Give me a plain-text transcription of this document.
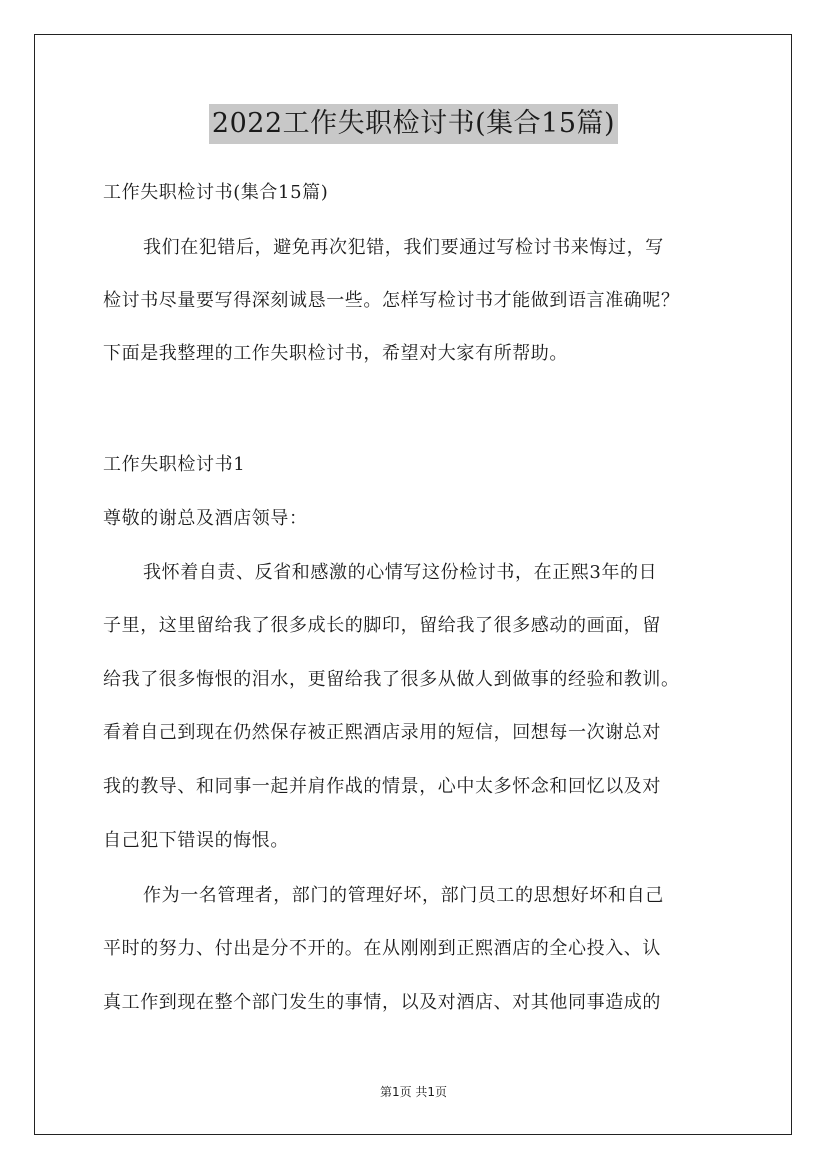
2022工作失职检讨书(集合15篇)
工作失职检讨书(集合15篇)
我们在犯错后，避免再次犯错，我们要通过写检讨书来悔过，写
检讨书尽量要写得深刻诚恳一些。怎样写检讨书才能做到语言准确呢？
下面是我整理的工作失职检讨书，希望对大家有所帮助。
工作失职检讨书1
尊敬的谢总及酒店领导：
我怀着自责、反省和感激的心情写这份检讨书，在正熙3年的日
子里，这里留给我了很多成长的脚印，留给我了很多感动的画面，留
给我了很多悔恨的泪水，更留给我了很多从做人到做事的经验和教训。
看着自己到现在仍然保存被正熙酒店录用的短信，回想每一次谢总对
我的教导、和同事一起并肩作战的情景，心中太多怀念和回忆以及对
自己犯下错误的悔恨。
作为一名管理者，部门的管理好坏，部门员工的思想好坏和自己
平时的努力、付出是分不开的。在从刚刚到正熙酒店的全心投入、认
真工作到现在整个部门发生的事情，以及对酒店、对其他同事造成的
第1页 共1页
